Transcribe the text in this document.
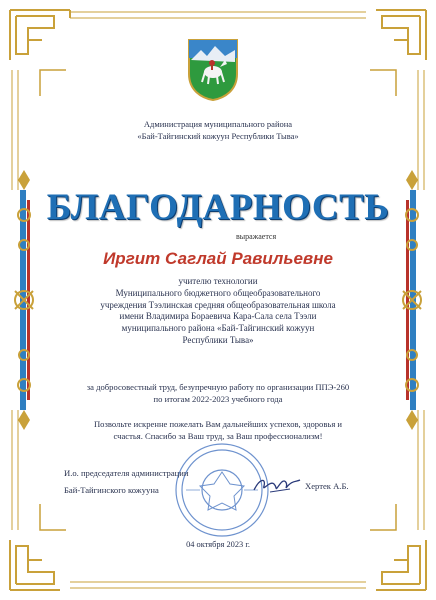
Администрация муниципального района
«Бай-Тайгинский кожуун Республики Тыва»
БЛАГОДАРНОСТЬ
выражается
Иргит Саглай Равильевне
учителю технологии
Муниципального бюджетного общеобразовательного
учреждения Тээлинская средняя общеобразовательная школа
имени Владимира Бораевича Кара-Сала села Тээли
муниципального района «Бай-Тайгинский кожуун
Республики Тыва»
за добросовестный труд, безупречную работу по организации ППЭ-260
по итогам 2022-2023 учебного года
Позвольте искренне пожелать Вам дальнейших успехов, здоровья и
счастья. Спасибо за Ваш труд, за Ваш профессионализм!
И.о. председателя администрации
Бай-Тайгинского кожууна	Хертек А.Б.
04 октября 2023 г.
